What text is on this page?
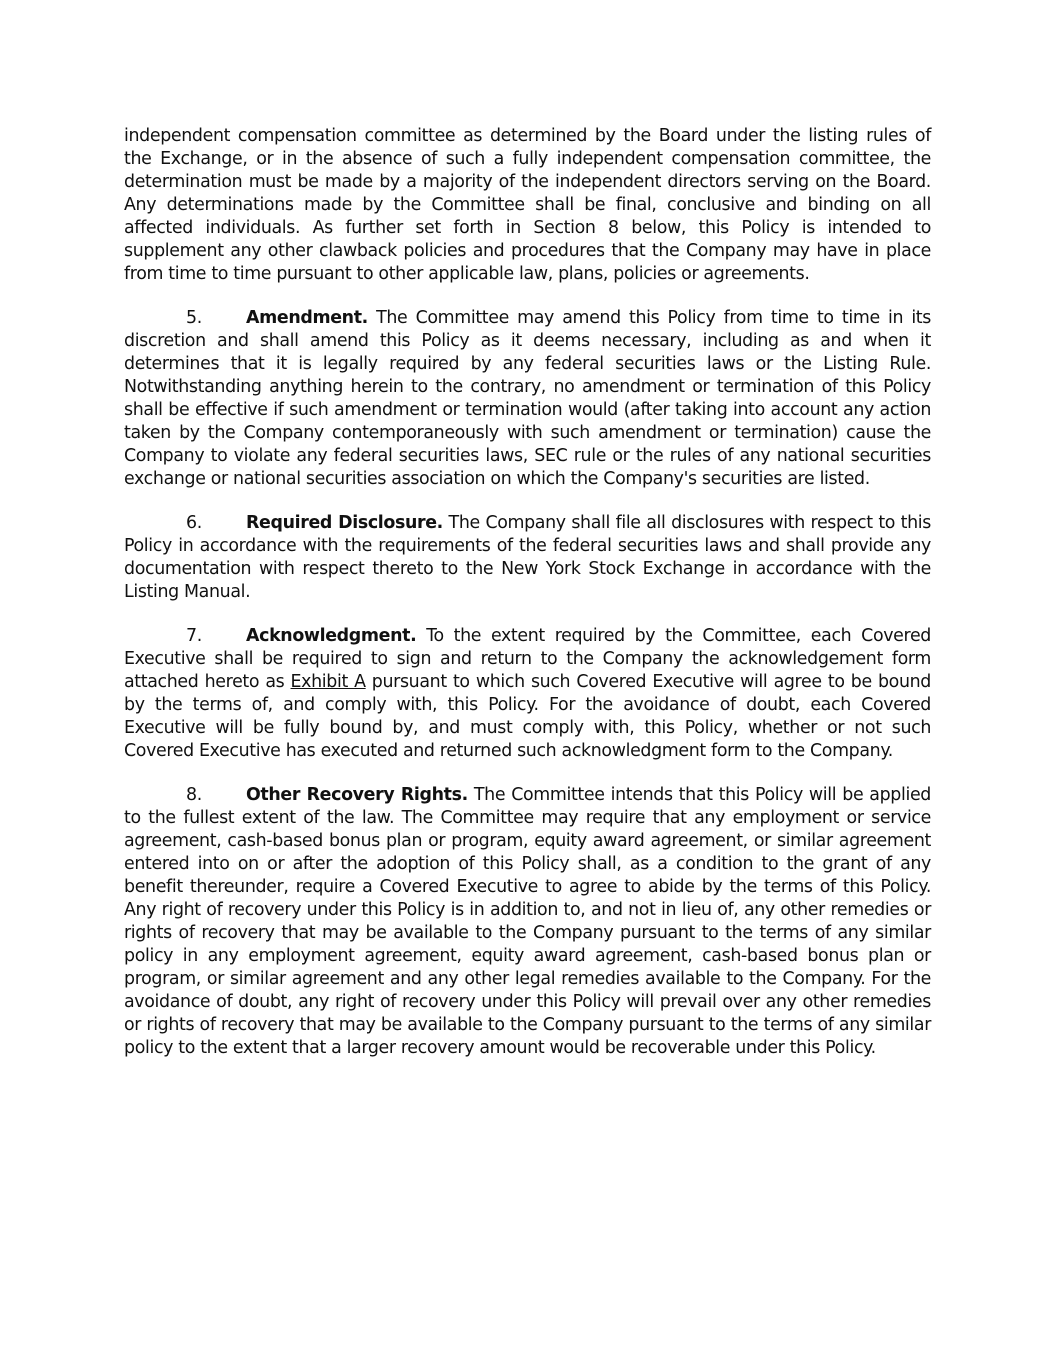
independent compensation committee as determined by the Board under the listing rules of the Exchange, or in the absence of such a fully independent compensation committee, the determination must be made by a majority of the independent directors serving on the Board. Any determinations made by the Committee shall be final, conclusive and binding on all affected individuals. As further set forth in Section 8 below, this Policy is intended to supplement any other clawback policies and procedures that the Company may have in place from time to time pursuant to other applicable law, plans, policies or agreements.

5.	Amendment. The Committee may amend this Policy from time to time in its discretion and shall amend this Policy as it deems necessary, including as and when it determines that it is legally required by any federal securities laws or the Listing Rule. Notwithstanding anything herein to the contrary, no amendment or termination of this Policy shall be effective if such amendment or termination would (after taking into account any action taken by the Company contemporaneously with such amendment or termination) cause the Company to violate any federal securities laws, SEC rule or the rules of any national securities exchange or national securities association on which the Company's securities are listed.

6.	Required Disclosure. The Company shall file all disclosures with respect to this Policy in accordance with the requirements of the federal securities laws and shall provide any documentation with respect thereto to the New York Stock Exchange in accordance with the Listing Manual.

7.	Acknowledgment. To the extent required by the Committee, each Covered Executive shall be required to sign and return to the Company the acknowledgement form attached hereto as Exhibit A pursuant to which such Covered Executive will agree to be bound by the terms of, and comply with, this Policy. For the avoidance of doubt, each Covered Executive will be fully bound by, and must comply with, this Policy, whether or not such Covered Executive has executed and returned such acknowledgment form to the Company.

8.	Other Recovery Rights. The Committee intends that this Policy will be applied to the fullest extent of the law. The Committee may require that any employment or service agreement, cash-based bonus plan or program, equity award agreement, or similar agreement entered into on or after the adoption of this Policy shall, as a condition to the grant of any benefit thereunder, require a Covered Executive to agree to abide by the terms of this Policy. Any right of recovery under this Policy is in addition to, and not in lieu of, any other remedies or rights of recovery that may be available to the Company pursuant to the terms of any similar policy in any employment agreement, equity award agreement, cash-based bonus plan or program, or similar agreement and any other legal remedies available to the Company. For the avoidance of doubt, any right of recovery under this Policy will prevail over any other remedies or rights of recovery that may be available to the Company pursuant to the terms of any similar policy to the extent that a larger recovery amount would be recoverable under this Policy.
